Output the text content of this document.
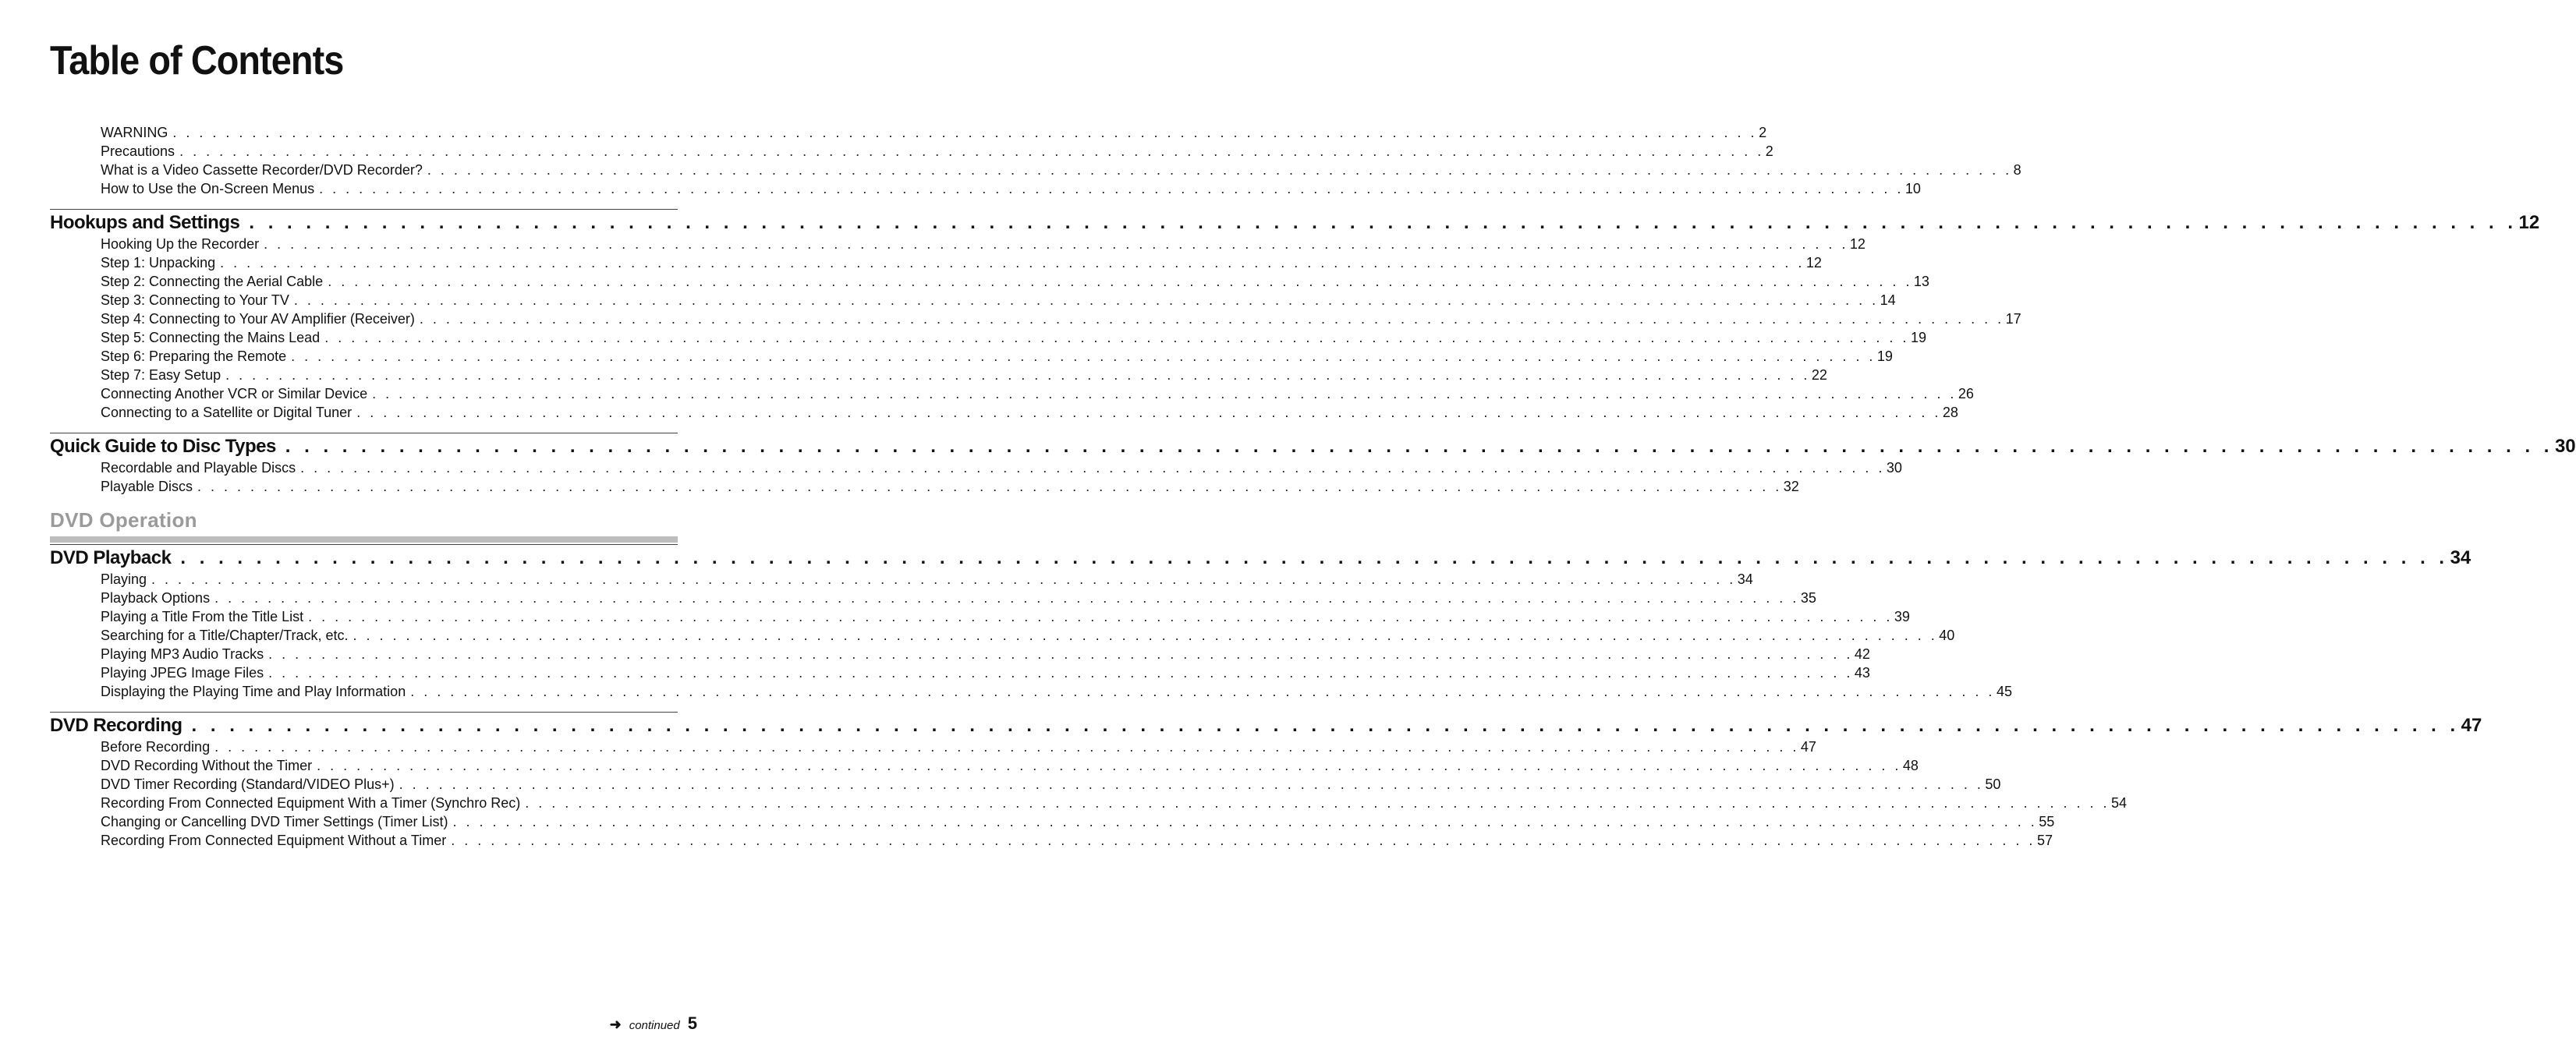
Table of Contents
WARNING . . . . . . . . . . . . . . . . . . . . . . . . . . . . . . . . . . . . . . . . . . . . . . . . . . . . . . . . . . . . . . . . . . . . . . . . . . . . . . . . . . . . . . . . . . . . . . . . . . . . . . . . . . . . . . . . . . . . . . . . 2
Precautions . . . . . . . . . . . . . . . . . . . . . . . . . . . . . . . . . . . . . . . . . . . . . . . . . . . . . . . . . . . . . . . . . . . . . . . . . . . . . . . . . . . . . . . . . . . . . . . . . . . . . . . . . . . . . . . . . . . . . . . . 2
What is a Video Cassette Recorder/DVD Recorder? . . . . . . . . . . . . . . . . . . . . . . . . . . . . . . . . . . . . . . . . . . . . . . . . . . . . . . . . . . . . . . . . . . . . . . . . . . . . . . . . . . . . . . . . . . . . . . . . . . . . . . . . . . . . . . . . . . . . . . . . 8
How to Use the On-Screen Menus . . . . . . . . . . . . . . . . . . . . . . . . . . . . . . . . . . . . . . . . . . . . . . . . . . . . . . . . . . . . . . . . . . . . . . . . . . . . . . . . . . . . . . . . . . . . . . . . . . . . . . . . . . . . . . . . . . . . . . . . 10
Hookups and Settings . . . . . . . . . . . . . . . . . . . . . . . . . . . . . . . . . . . . . . . . . . . . . . . . . . . . . . . . . . . . . . . . . . . . . . . . . . . . . . . . . . . . . . . . . . . . . . . . . . . . . . . . . . . . . . . . . . . . . . . . 12
Hooking Up the Recorder . . . . . . . . . . . . . . . . . . . . . . . . . . . . . . . . . . . . . . . . . . . . . . . . . . . . . . . . . . . . . . . . . . . . . . . . . . . . . . . . . . . . . . . . . . . . . . . . . . . . . . . . . . . . . . . . . . . . . . . . 12
Step 1: Unpacking . . . . . . . . . . . . . . . . . . . . . . . . . . . . . . . . . . . . . . . . . . . . . . . . . . . . . . . . . . . . . . . . . . . . . . . . . . . . . . . . . . . . . . . . . . . . . . . . . . . . . . . . . . . . . . . . . . . . . . . . 12
Step 2: Connecting the Aerial Cable . . . . . . . . . . . . . . . . . . . . . . . . . . . . . . . . . . . . . . . . . . . . . . . . . . . . . . . . . . . . . . . . . . . . . . . . . . . . . . . . . . . . . . . . . . . . . . . . . . . . . . . . . . . . . . . . . . . . . . . . 13
Step 3: Connecting to Your TV . . . . . . . . . . . . . . . . . . . . . . . . . . . . . . . . . . . . . . . . . . . . . . . . . . . . . . . . . . . . . . . . . . . . . . . . . . . . . . . . . . . . . . . . . . . . . . . . . . . . . . . . . . . . . . . . . . . . . . . . 14
Step 4: Connecting to Your AV Amplifier (Receiver) . . . . . . . . . . . . . . . . . . . . . . . . . . . . . . . . . . . . . . . . . . . . . . . . . . . . . . . . . . . . . . . . . . . . . . . . . . . . . . . . . . . . . . . . . . . . . . . . . . . . . . . . . . . . . . . . . . . . . . . . 17
Step 5: Connecting the Mains Lead . . . . . . . . . . . . . . . . . . . . . . . . . . . . . . . . . . . . . . . . . . . . . . . . . . . . . . . . . . . . . . . . . . . . . . . . . . . . . . . . . . . . . . . . . . . . . . . . . . . . . . . . . . . . . . . . . . . . . . . . 19
Step 6: Preparing the Remote . . . . . . . . . . . . . . . . . . . . . . . . . . . . . . . . . . . . . . . . . . . . . . . . . . . . . . . . . . . . . . . . . . . . . . . . . . . . . . . . . . . . . . . . . . . . . . . . . . . . . . . . . . . . . . . . . . . . . . . . 19
Step 7: Easy Setup . . . . . . . . . . . . . . . . . . . . . . . . . . . . . . . . . . . . . . . . . . . . . . . . . . . . . . . . . . . . . . . . . . . . . . . . . . . . . . . . . . . . . . . . . . . . . . . . . . . . . . . . . . . . . . . . . . . . . . . . 22
Connecting Another VCR or Similar Device . . . . . . . . . . . . . . . . . . . . . . . . . . . . . . . . . . . . . . . . . . . . . . . . . . . . . . . . . . . . . . . . . . . . . . . . . . . . . . . . . . . . . . . . . . . . . . . . . . . . . . . . . . . . . . . . . . . . . . . . 26
Connecting to a Satellite or Digital Tuner . . . . . . . . . . . . . . . . . . . . . . . . . . . . . . . . . . . . . . . . . . . . . . . . . . . . . . . . . . . . . . . . . . . . . . . . . . . . . . . . . . . . . . . . . . . . . . . . . . . . . . . . . . . . . . . . . . . . . . . . 28
Quick Guide to Disc Types . . . . . . . . . . . . . . . . . . . . . . . . . . . . . . . . . . . . . . . . . . . . . . . . . . . . . . . . . . . . . . . . . . . . . . . . . . . . . . . . . . . . . . . . . . . . . . . . . . . . . . . . . . . . . . . . . . . . . . . . 30
Recordable and Playable Discs . . . . . . . . . . . . . . . . . . . . . . . . . . . . . . . . . . . . . . . . . . . . . . . . . . . . . . . . . . . . . . . . . . . . . . . . . . . . . . . . . . . . . . . . . . . . . . . . . . . . . . . . . . . . . . . . . . . . . . . . 30
Playable Discs . . . . . . . . . . . . . . . . . . . . . . . . . . . . . . . . . . . . . . . . . . . . . . . . . . . . . . . . . . . . . . . . . . . . . . . . . . . . . . . . . . . . . . . . . . . . . . . . . . . . . . . . . . . . . . . . . . . . . . . . 32
DVD Operation
DVD Playback . . . . . . . . . . . . . . . . . . . . . . . . . . . . . . . . . . . . . . . . . . . . . . . . . . . . . . . . . . . . . . . . . . . . . . . . . . . . . . . . . . . . . . . . . . . . . . . . . . . . . . . . . . . . . . . . . . . . . . . . 34
Playing . . . . . . . . . . . . . . . . . . . . . . . . . . . . . . . . . . . . . . . . . . . . . . . . . . . . . . . . . . . . . . . . . . . . . . . . . . . . . . . . . . . . . . . . . . . . . . . . . . . . . . . . . . . . . . . . . . . . . . . . 34
Playback Options . . . . . . . . . . . . . . . . . . . . . . . . . . . . . . . . . . . . . . . . . . . . . . . . . . . . . . . . . . . . . . . . . . . . . . . . . . . . . . . . . . . . . . . . . . . . . . . . . . . . . . . . . . . . . . . . . . . . . . . . 35
Playing a Title From the Title List . . . . . . . . . . . . . . . . . . . . . . . . . . . . . . . . . . . . . . . . . . . . . . . . . . . . . . . . . . . . . . . . . . . . . . . . . . . . . . . . . . . . . . . . . . . . . . . . . . . . . . . . . . . . . . . . . . . . . . . . 39
Searching for a Title/Chapter/Track, etc. . . . . . . . . . . . . . . . . . . . . . . . . . . . . . . . . . . . . . . . . . . . . . . . . . . . . . . . . . . . . . . . . . . . . . . . . . . . . . . . . . . . . . . . . . . . . . . . . . . . . . . . . . . . . . . . . . . . . . . . . 40
Playing MP3 Audio Tracks . . . . . . . . . . . . . . . . . . . . . . . . . . . . . . . . . . . . . . . . . . . . . . . . . . . . . . . . . . . . . . . . . . . . . . . . . . . . . . . . . . . . . . . . . . . . . . . . . . . . . . . . . . . . . . . . . . . . . . . . 42
Playing JPEG Image Files . . . . . . . . . . . . . . . . . . . . . . . . . . . . . . . . . . . . . . . . . . . . . . . . . . . . . . . . . . . . . . . . . . . . . . . . . . . . . . . . . . . . . . . . . . . . . . . . . . . . . . . . . . . . . . . . . . . . . . . . 43
Displaying the Playing Time and Play Information . . . . . . . . . . . . . . . . . . . . . . . . . . . . . . . . . . . . . . . . . . . . . . . . . . . . . . . . . . . . . . . . . . . . . . . . . . . . . . . . . . . . . . . . . . . . . . . . . . . . . . . . . . . . . . . . . . . . . . . . 45
DVD Recording . . . . . . . . . . . . . . . . . . . . . . . . . . . . . . . . . . . . . . . . . . . . . . . . . . . . . . . . . . . . . . . . . . . . . . . . . . . . . . . . . . . . . . . . . . . . . . . . . . . . . . . . . . . . . . . . . . . . . . . . 47
Before Recording . . . . . . . . . . . . . . . . . . . . . . . . . . . . . . . . . . . . . . . . . . . . . . . . . . . . . . . . . . . . . . . . . . . . . . . . . . . . . . . . . . . . . . . . . . . . . . . . . . . . . . . . . . . . . . . . . . . . . . . . 47
DVD Recording Without the Timer . . . . . . . . . . . . . . . . . . . . . . . . . . . . . . . . . . . . . . . . . . . . . . . . . . . . . . . . . . . . . . . . . . . . . . . . . . . . . . . . . . . . . . . . . . . . . . . . . . . . . . . . . . . . . . . . . . . . . . . . 48
DVD Timer Recording (Standard/VIDEO Plus+) . . . . . . . . . . . . . . . . . . . . . . . . . . . . . . . . . . . . . . . . . . . . . . . . . . . . . . . . . . . . . . . . . . . . . . . . . . . . . . . . . . . . . . . . . . . . . . . . . . . . . . . . . . . . . . . . . . . . . . . . 50
Recording From Connected Equipment With a Timer (Synchro Rec) . . . . . . . . . . . . . . . . . . . . . . . . . . . . . . . . . . . . . . . . . . . . . . . . . . . . . . . . . . . . . . . . . . . . . . . . . . . . . . . . . . . . . . . . . . . . . . . . . . . . . . . . . . . . . . . . . . . . . . . . 54
Changing or Cancelling DVD Timer Settings (Timer List) . . . . . . . . . . . . . . . . . . . . . . . . . . . . . . . . . . . . . . . . . . . . . . . . . . . . . . . . . . . . . . . . . . . . . . . . . . . . . . . . . . . . . . . . . . . . . . . . . . . . . . . . . . . . . . . . . . . . . . . . 55
Recording From Connected Equipment Without a Timer . . . . . . . . . . . . . . . . . . . . . . . . . . . . . . . . . . . . . . . . . . . . . . . . . . . . . . . . . . . . . . . . . . . . . . . . . . . . . . . . . . . . . . . . . . . . . . . . . . . . . . . . . . . . . . . . . . . . . . . . 57
➜ continued 5
